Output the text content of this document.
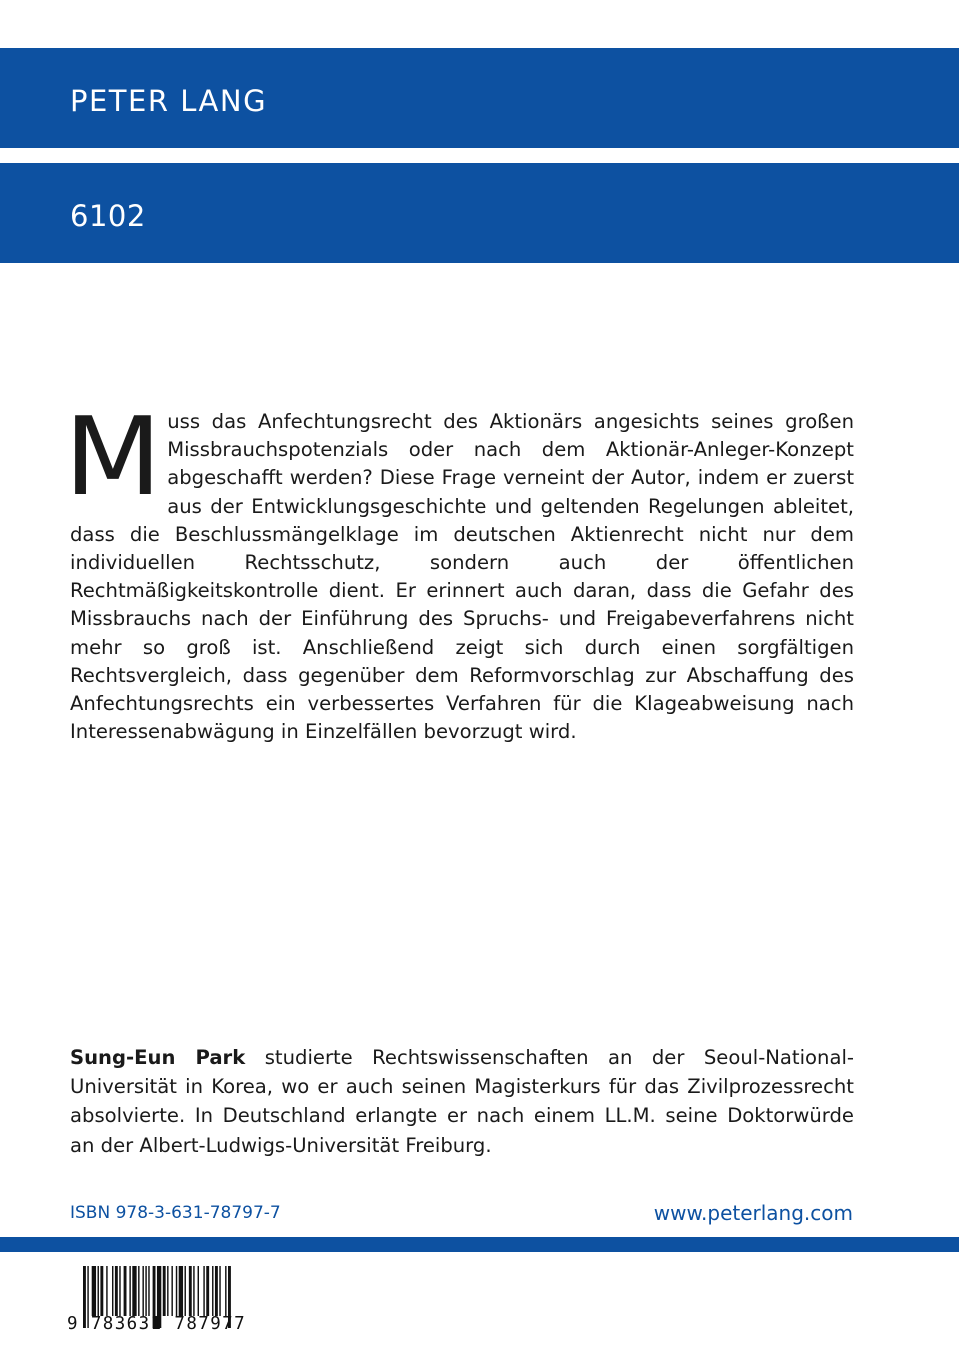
PETER LANG
6102
Muss das Anfechtungsrecht des Aktionärs angesichts seines großen Missbrauchspotenzials oder nach dem Aktionär-Anleger-Konzept abgeschafft werden? Diese Frage verneint der Autor, indem er zuerst aus der Entwicklungsgeschichte und geltenden Regelungen ableitet, dass die Beschlussmängelklage im deutschen Aktienrecht nicht nur dem individuellen Rechtsschutz, sondern auch der öffentlichen Rechtmäßigkeitskontrolle dient. Er erinnert auch daran, dass die Gefahr des Missbrauchs nach der Einführung des Spruchs- und Freigabeverfahrens nicht mehr so groß ist. Anschließend zeigt sich durch einen sorgfältigen Rechtsvergleich, dass gegenüber dem Reformvorschlag zur Abschaffung des Anfechtungsrechts ein verbessertes Verfahren für die Klageabweisung nach Interessenabwägung in Einzelfällen bevorzugt wird.
Sung-Eun Park studierte Rechtswissenschaften an der Seoul-National-Universität in Korea, wo er auch seinen Magisterkurs für das Zivilprozessrecht absolvierte. In Deutschland erlangte er nach einem LL.M. seine Doktorwürde an der Albert-Ludwigs-Universität Freiburg.
ISBN 978-3-631-78797-7	www.peterlang.com
9 783631 787977
